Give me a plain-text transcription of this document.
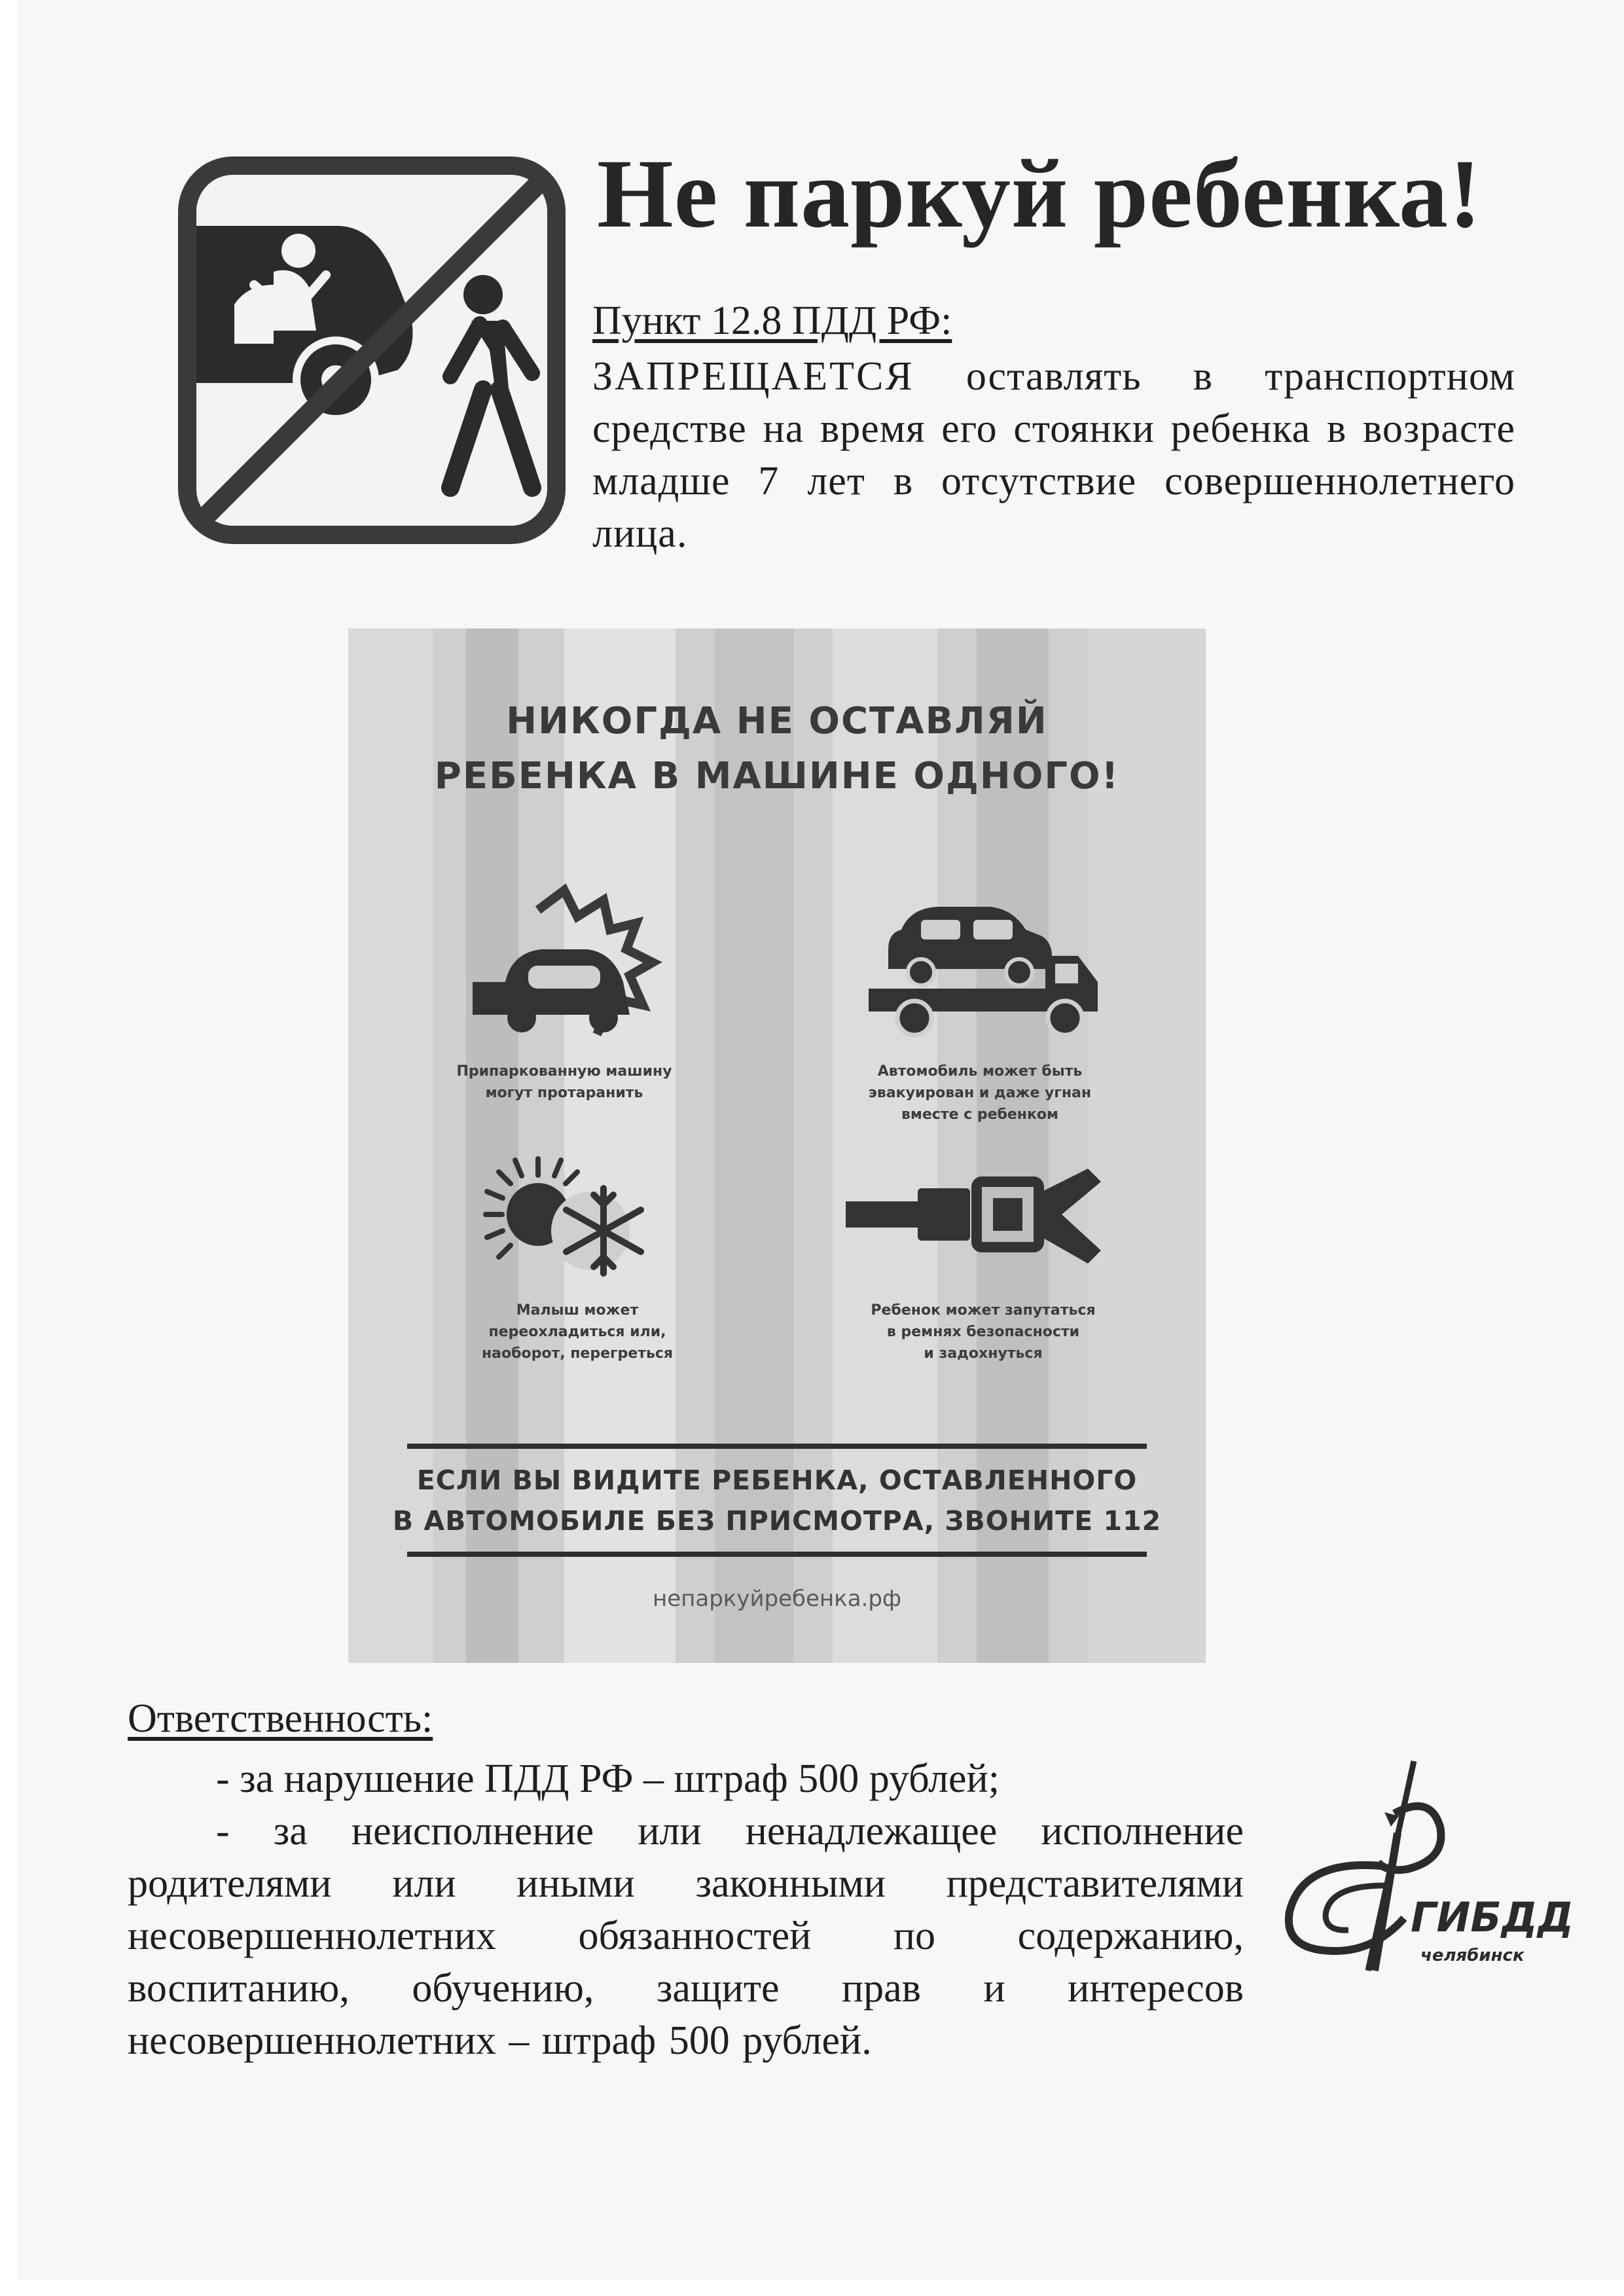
Не паркуй ребенка!
Пункт 12.8 ПДД РФ:
ЗАПРЕЩАЕТСЯ оставлять в транспортном средстве на время его стоянки ребенка в возрасте младше 7 лет в отсутствие совершеннолетнего лица.
НИКОГДА НЕ ОСТАВЛЯЙ
РЕБЕНКА В МАШИНЕ ОДНОГО!
Припаркованную машину
могут протаранить
Автомобиль может быть
эвакуирован и даже угнан
вместе с ребенком
Малыш может
переохладиться или,
наоборот, перегреться
Ребенок может запутаться
в ремнях безопасности
и задохнуться
ЕСЛИ ВЫ ВИДИТЕ РЕБЕНКА, ОСТАВЛЕННОГО
В АВТОМОБИЛЕ БЕЗ ПРИСМОТРА, ЗВОНИТЕ 112
непаркуйребенка.рф
Ответственность:
- за нарушение ПДД РФ – штраф 500 рублей;
- за неисполнение или ненадлежащее исполнение родителями или иными законными представителями несовершеннолетних обязанностей по содержанию, воспитанию, обучению, защите прав и интересов несовершеннолетних – штраф 500 рублей.
ГИБДД
челябинск
